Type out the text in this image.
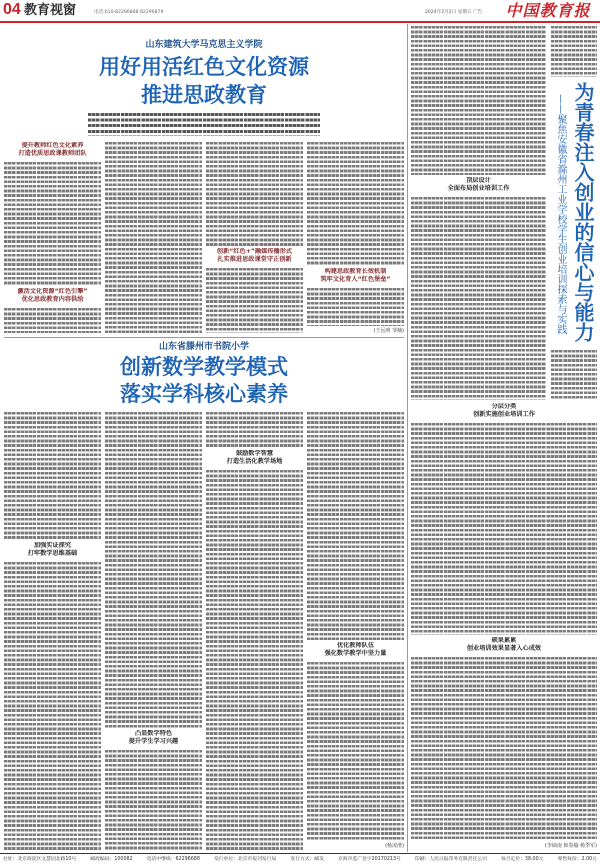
04 教育视窗	电话:010-82296888 82296879	2024年2月2日 星期五 广告	中国教育报
山东建筑大学马克思主义学院
用好用活红色文化资源
推进思政教育
提升教师红色文化素养
打造优质思政课教师团队
激活文化资源“红色引擎”
优化思政教育内容供给
创新“红色+”融媒传播形式
扎实推进思政课堂守正创新
构建思政教育长效机制
筑牢文化育人“红色堡垒”
(王远明 邹楠)
山东省滕州市书院小学
创新数学教学模式
落实学科核心素养
加强实证探究
打牢数学思维基础
凸显数学特色
提升学生学习兴趣
鼓励数学智慧
打造生活化教学场地
优化教师队伍
强化数学教学中坚力量
(杨凌滑)
为青春注入创业的信心与能力
——聚焦安徽省滁州工业学校学生创业培训探索与实践
顶层设计
全面布局创业培训工作
分层分类
创新实施创业培训工作
硕果累累
创业培训效果显著入心成效
(李硕南 韩春榆 杨季军)
社址：北京海淀区文慧园北路10号	邮政编码：100082	电话中继线：62296688	发行单位：北京市报刊发行局	发行方式：邮发	京海市监广登字20170213号	印刷：人民日报印务有限责任公司	每月定价：38.00元	零售每份：2.00元
